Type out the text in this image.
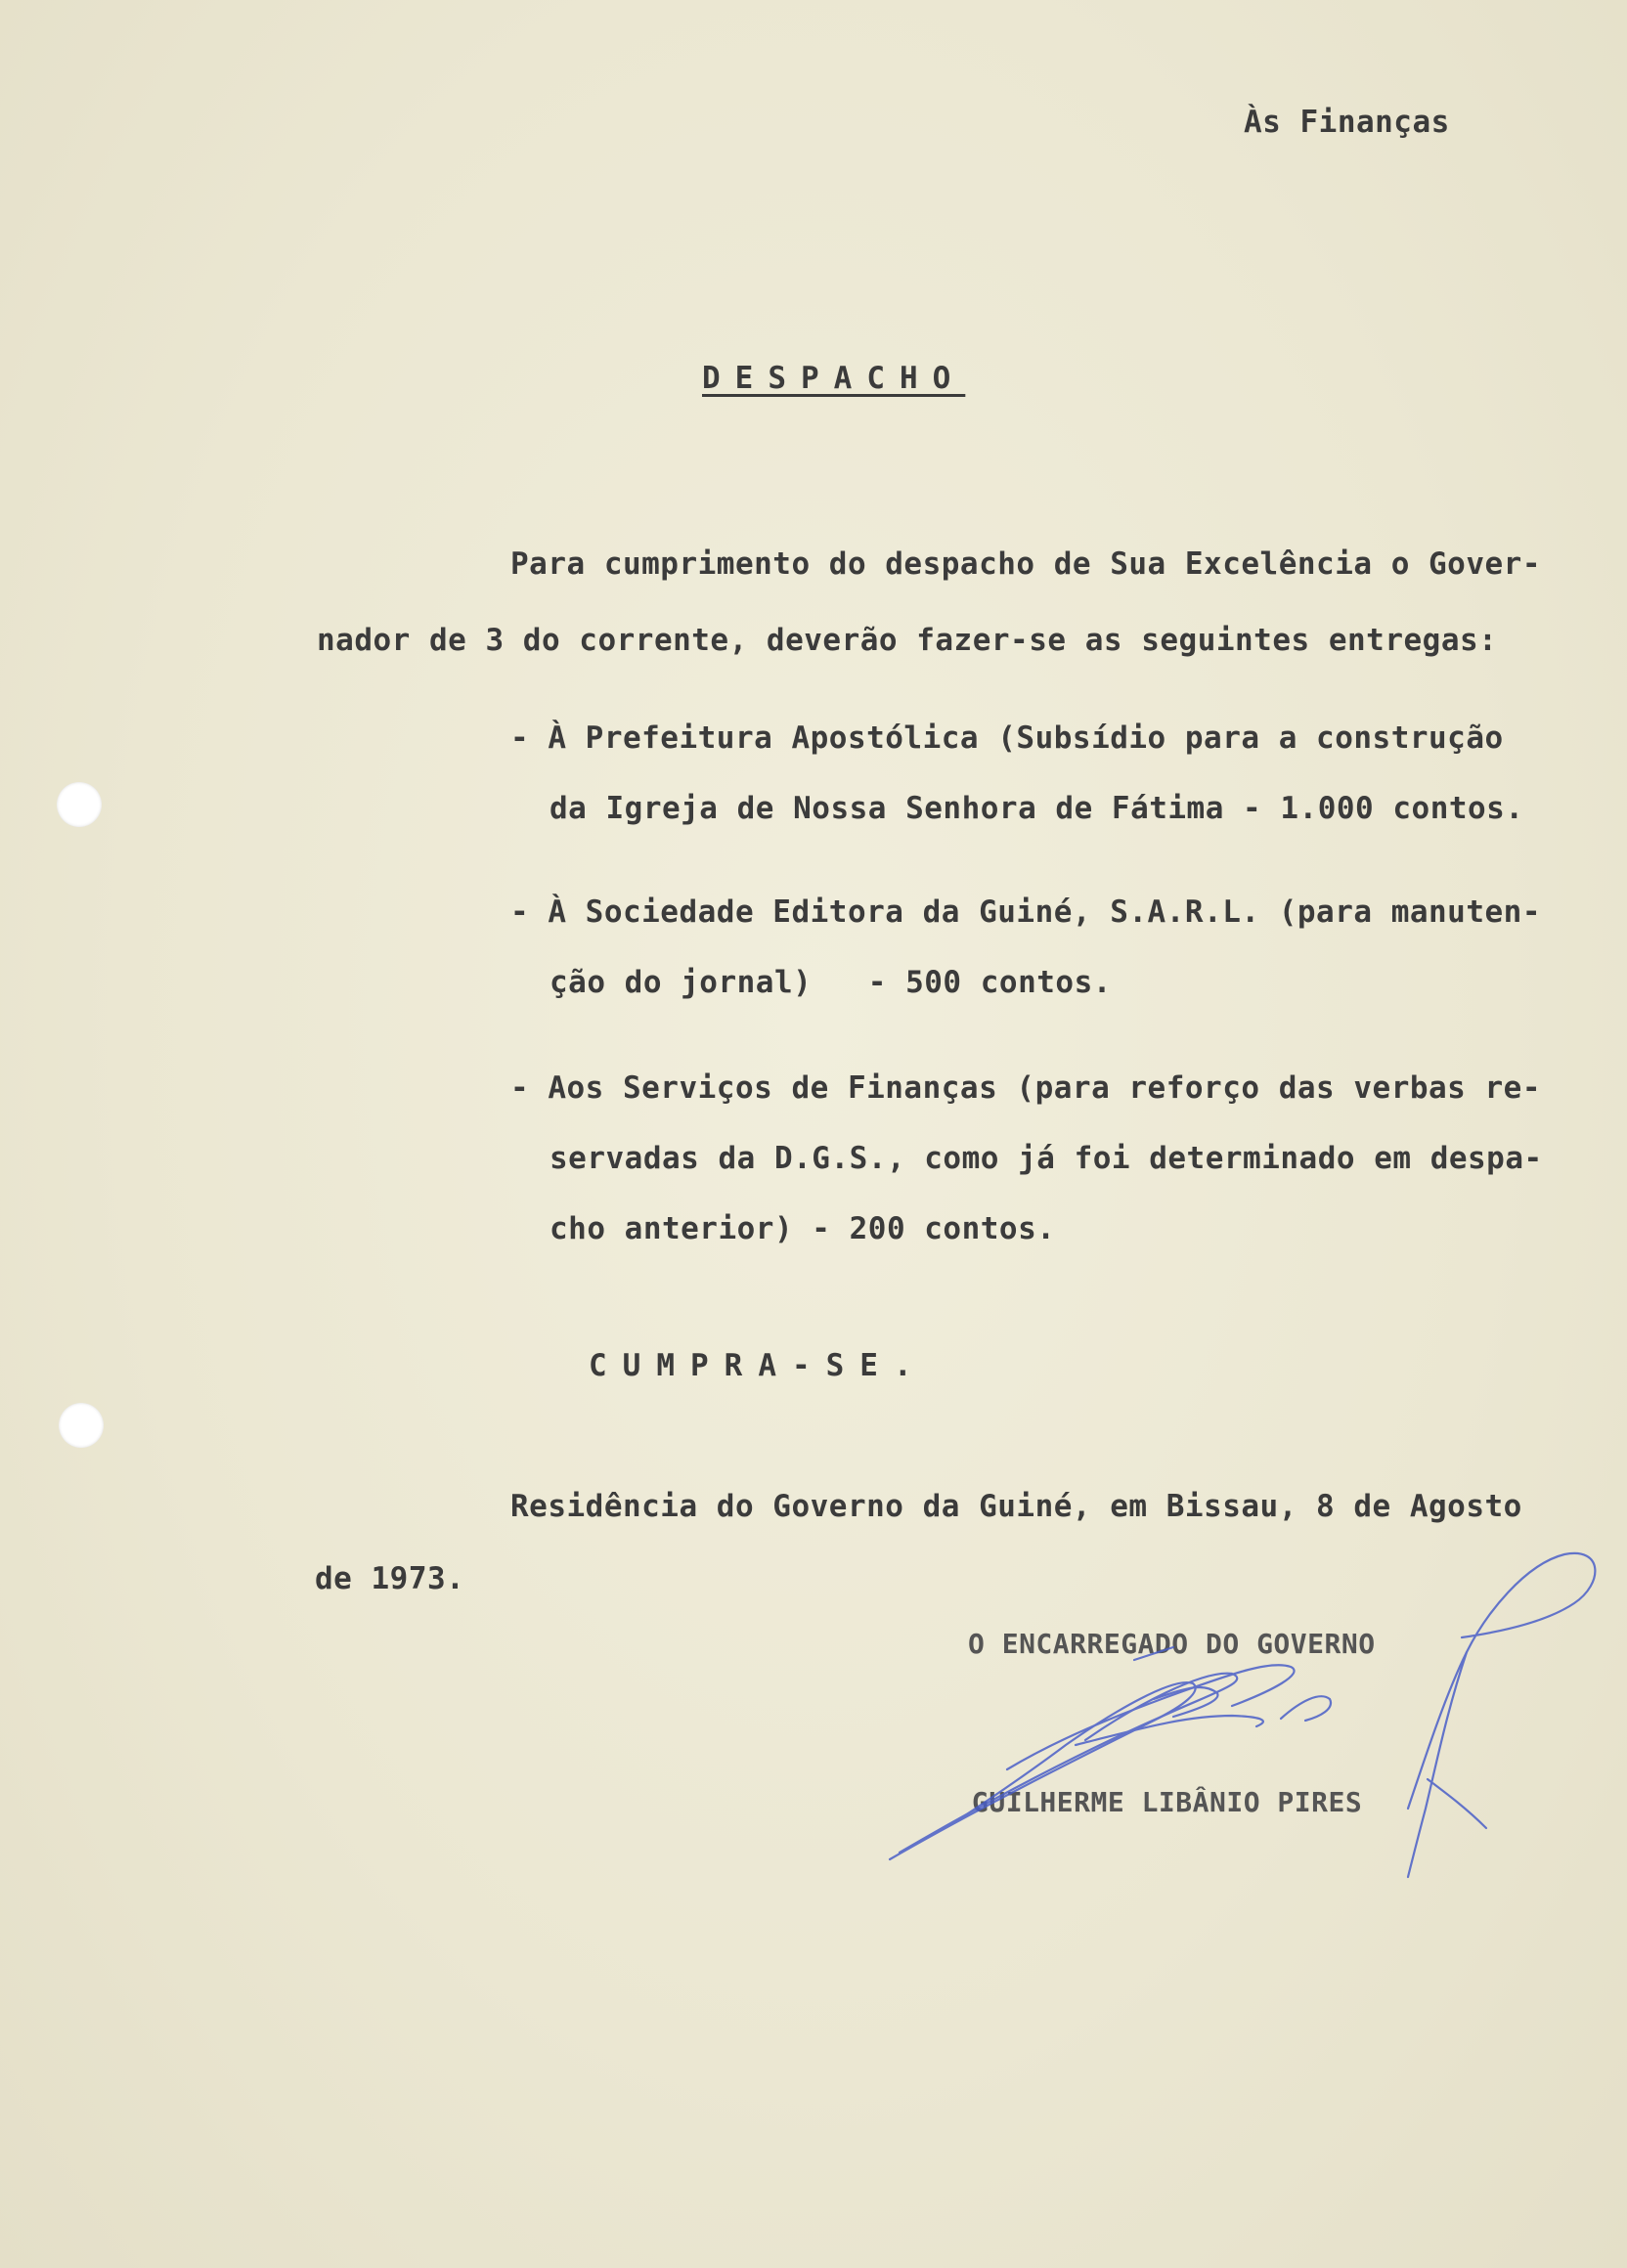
Às Finanças
DESPACHO
Para cumprimento do despacho de Sua Excelência o Gover-
nador de 3 do corrente, deverão fazer-se as seguintes entregas:
- À Prefeitura Apostólica (Subsídio para a construção
da Igreja de Nossa Senhora de Fátima - 1.000 contos.
- À Sociedade Editora da Guiné, S.A.R.L. (para manuten-
ção do jornal)   - 500 contos.
- Aos Serviços de Finanças (para reforço das verbas re-
servadas da D.G.S., como já foi determinado em despa-
cho anterior) - 200 contos.
CUMPRA-SE.
Residência do Governo da Guiné, em Bissau, 8 de Agosto
de 1973.
O ENCARREGADO DO GOVERNO
GUILHERME LIBÂNIO PIRES
